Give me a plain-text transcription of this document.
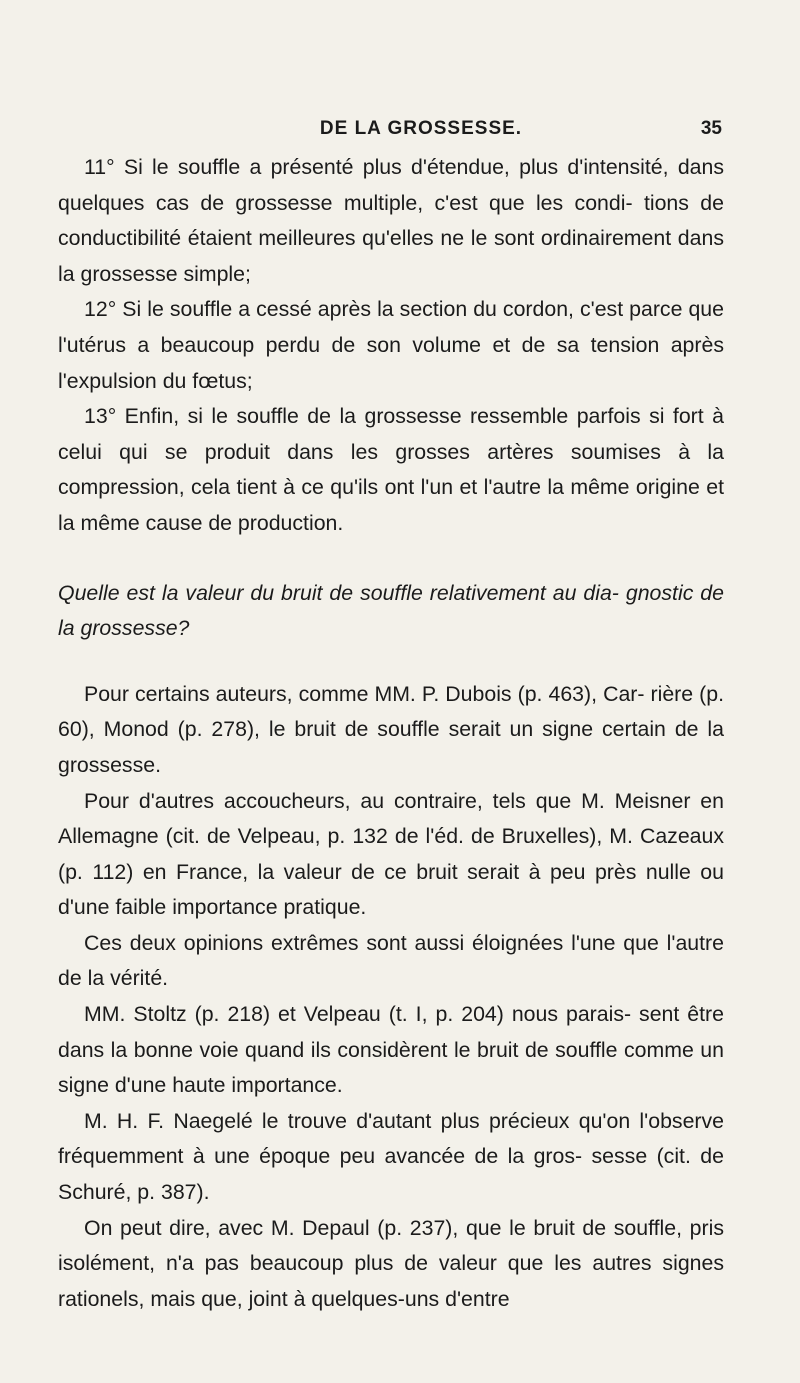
DE LA GROSSESSE.	35

11° Si le souffle a présenté plus d'étendue, plus d'intensité, dans quelques cas de grossesse multiple, c'est que les condi- tions de conductibilité étaient meilleures qu'elles ne le sont ordinairement dans la grossesse simple;

12° Si le souffle a cessé après la section du cordon, c'est parce que l'utérus a beaucoup perdu de son volume et de sa tension après l'expulsion du fœtus;

13° Enfin, si le souffle de la grossesse ressemble parfois si fort à celui qui se produit dans les grosses artères soumises à la compression, cela tient à ce qu'ils ont l'un et l'autre la même origine et la même cause de production.

Quelle est la valeur du bruit de souffle relativement au dia- gnostic de la grossesse?

Pour certains auteurs, comme MM. P. Dubois (p. 463), Car- rière (p. 60), Monod (p. 278), le bruit de souffle serait un signe certain de la grossesse.

Pour d'autres accoucheurs, au contraire, tels que M. Meisner en Allemagne (cit. de Velpeau, p. 132 de l'éd. de Bruxelles), M. Cazeaux (p. 112) en France, la valeur de ce bruit serait à peu près nulle ou d'une faible importance pratique.

Ces deux opinions extrêmes sont aussi éloignées l'une que l'autre de la vérité.

MM. Stoltz (p. 218) et Velpeau (t. I, p. 204) nous parais- sent être dans la bonne voie quand ils considèrent le bruit de souffle comme un signe d'une haute importance.

M. H. F. Naegelé le trouve d'autant plus précieux qu'on l'observe fréquemment à une époque peu avancée de la gros- sesse (cit. de Schuré, p. 387).

On peut dire, avec M. Depaul (p. 237), que le bruit de souffle, pris isolément, n'a pas beaucoup plus de valeur que les autres signes rationels, mais que, joint à quelques-uns d'entre
